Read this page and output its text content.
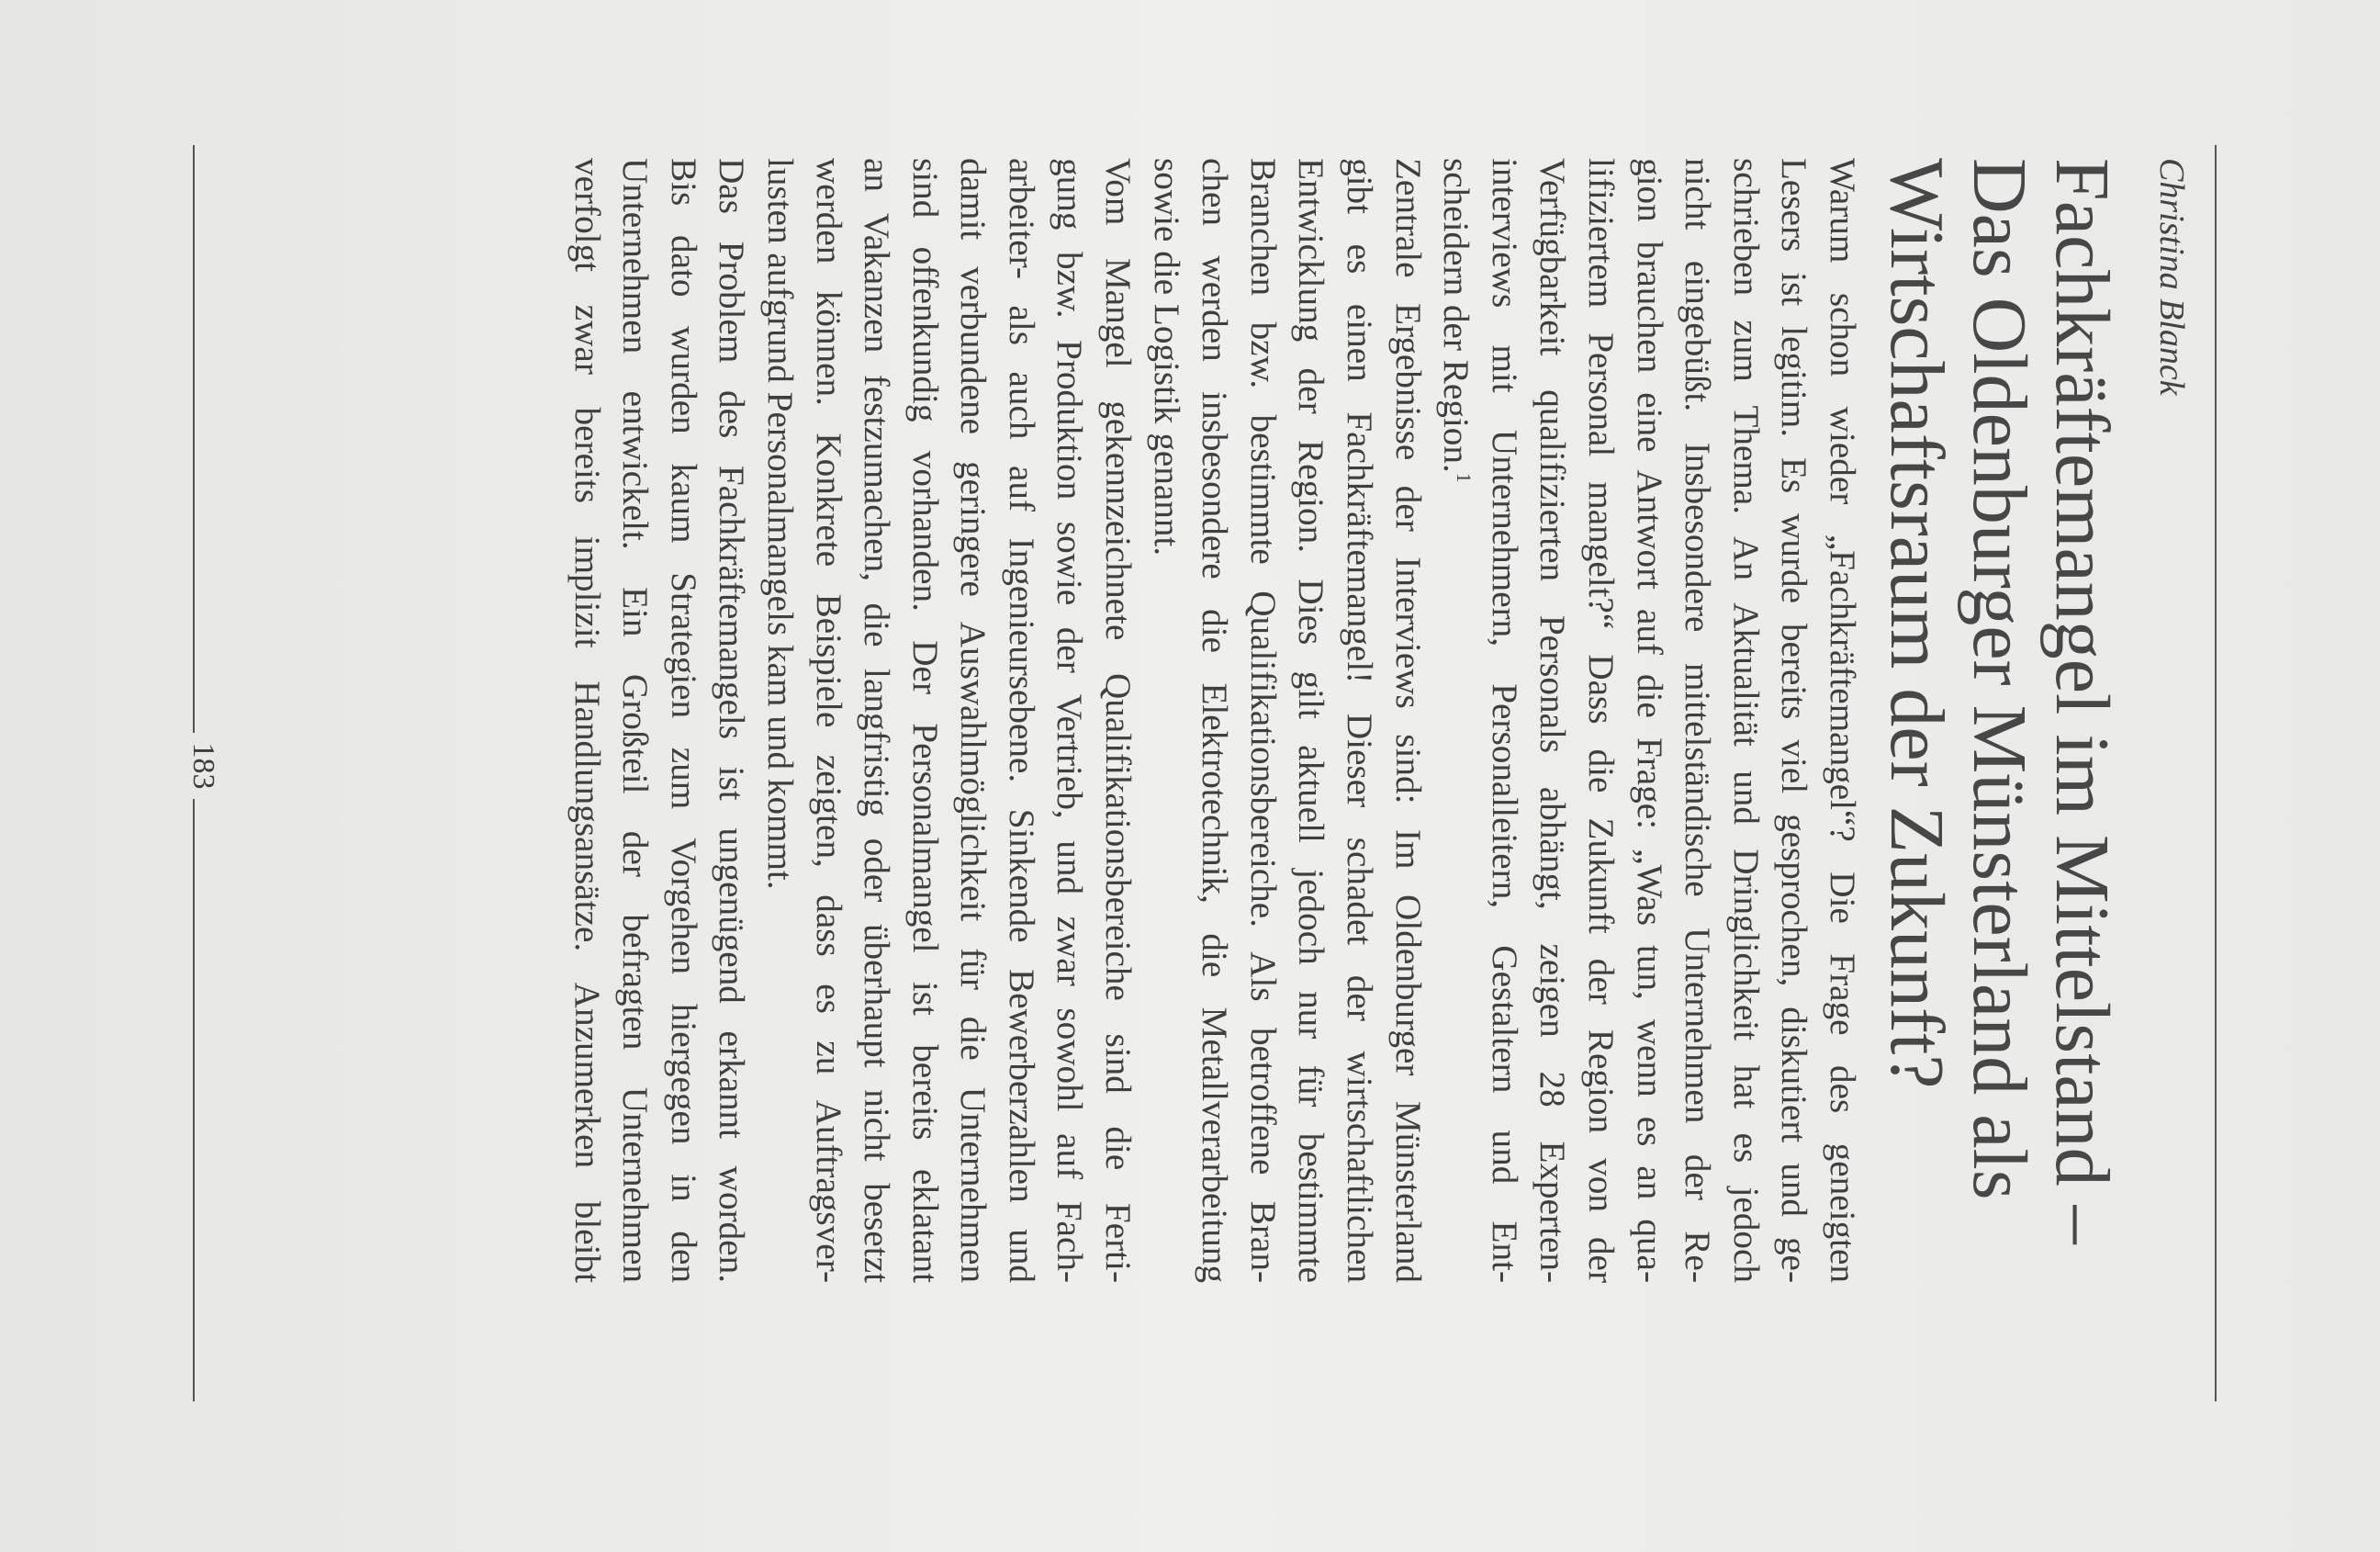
Christina Blanck
Fachkräftemangel im Mittelstand –
Das Oldenburger Münsterland als
Wirtschaftsraum der Zukunft?

Warum schon wieder „Fachkräftemangel“? Die Frage des geneigten
Lesers ist legitim. Es wurde bereits viel gesprochen, diskutiert und ge-
schrieben zum Thema. An Aktualität und Dringlichkeit hat es jedoch
nicht eingebüßt. Insbesondere mittelständische Unternehmen der Re-
gion brauchen eine Antwort auf die Frage: „Was tun, wenn es an qua-
lifiziertem Personal mangelt?“ Dass die Zukunft der Region von der
Verfügbarkeit qualifizierten Personals abhängt, zeigen 28 Experten-
interviews mit Unternehmern, Personalleitern, Gestaltern und Ent-
scheidern der Region.$^1$

Zentrale Ergebnisse der Interviews sind: Im Oldenburger Münsterland
gibt es einen Fachkräftemangel! Dieser schadet der wirtschaftlichen
Entwicklung der Region. Dies gilt aktuell jedoch nur für bestimmte
Branchen bzw. bestimmte Qualifikationsbereiche. Als betroffene Bran-
chen werden insbesondere die Elektrotechnik, die Metallverarbeitung
sowie die Logistik genannt.

Vom Mangel gekennzeichnete Qualifikationsbereiche sind die Ferti-
gung bzw. Produktion sowie der Vertrieb, und zwar sowohl auf Fach-
arbeiter- als auch auf Ingenieursebene. Sinkende Bewerberzahlen und
damit verbundene geringere Auswahlmöglichkeit für die Unternehmen
sind offenkundig vorhanden. Der Personalmangel ist bereits eklatant
an Vakanzen festzumachen, die langfristig oder überhaupt nicht besetzt
werden können. Konkrete Beispiele zeigten, dass es zu Auftragsver-
lusten aufgrund Personalmangels kam und kommt.

Das Problem des Fachkräftemangels ist ungenügend erkannt worden.
Bis dato wurden kaum Strategien zum Vorgehen hiergegen in den
Unternehmen entwickelt. Ein Großteil der befragten Unternehmen
verfolgt zwar bereits implizit Handlungsansätze. Anzumerken bleibt

183
